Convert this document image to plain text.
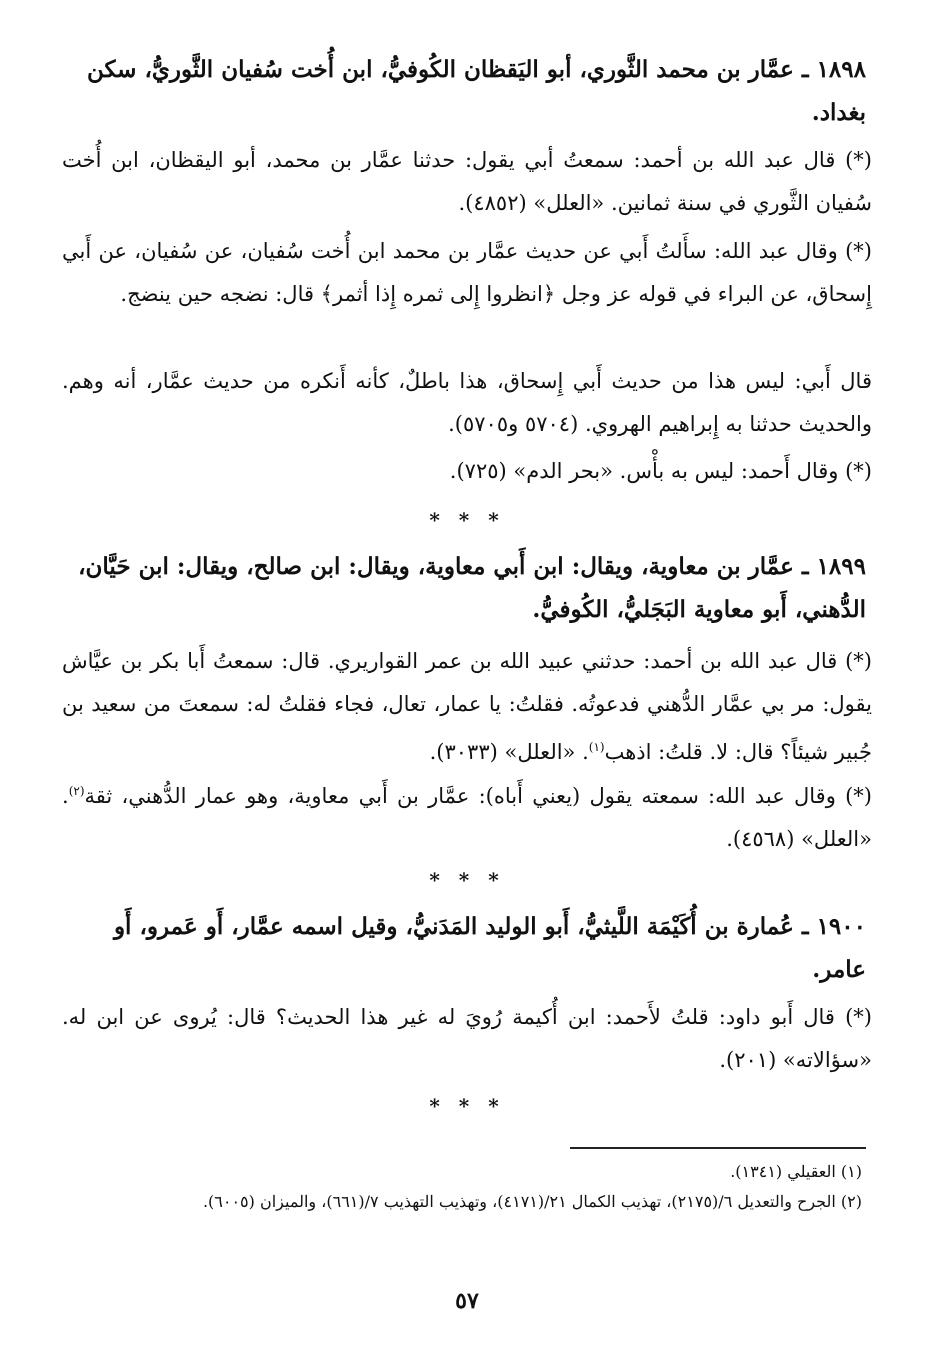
١٨٩٨ ـ عمَّار بن محمد الثَّوري، أبو اليَقظان الكُوفيُّ، ابن أُخت سُفيان الثَّوريُّ، سكن بغداد.

(*) قال عبد الله بن أحمد: سمعتُ أبي يقول: حدثنا عمَّار بن محمد، أبو اليقظان، ابن أُخت سُفيان الثَّوري في سنة ثمانين. «العلل» (٤٨٥٢).

(*) وقال عبد الله: سأَلتُ أَبي عن حديث عمَّار بن محمد ابن أُخت سُفيان، عن سُفيان، عن أَبي إِسحاق، عن البراء في قوله عز وجل ﴿انظروا إِلى ثمره إِذا أثمر﴾ قال: نضجه حين ينضج.

قال أَبي: ليس هذا من حديث أَبي إِسحاق، هذا باطلٌ، كأنه أَنكره من حديث عمَّار، أنه وهم. والحديث حدثنا به إِبراهيم الهروي. (٥٧٠٤ و٥٧٠٥).

(*) وقال أَحمد: ليس به بأْس. «بحر الدم» (٧٢٥).

* * *

١٨٩٩ ـ عمَّار بن معاوية، ويقال: ابن أَبي معاوية، ويقال: ابن صالح، ويقال: ابن حَيَّان، الدُّهني، أَبو معاوية البَجَليُّ، الكُوفيُّ.

(*) قال عبد الله بن أحمد: حدثني عبيد الله بن عمر القواريري. قال: سمعتُ أَبا بكر بن عيَّاش يقول: مر بي عمَّار الدُّهني فدعوتُه. فقلتُ: يا عمار، تعال، فجاء فقلتُ له: سمعتَ من سعيد بن جُبير شيئاً؟ قال: لا. قلتُ: اذهب$^{(١)}$. «العلل» (٣٠٣٣).

(*) وقال عبد الله: سمعته يقول (يعني أَباه): عمَّار بن أَبي معاوية، وهو عمار الدُّهني، ثقة$^{(٢)}$. «العلل» (٤٥٦٨).

* * *

١٩٠٠ ـ عُمارة بن أُكَيْمَة اللَّيثيُّ، أَبو الوليد المَدَنيُّ، وقيل اسمه عمَّار، أَو عَمرو، أَو عامر.

(*) قال أَبو داود: قلتُ لأَحمد: ابن أُكيمة رُويَ له غير هذا الحديث؟ قال: يُروى عن ابن له. «سؤالاته» (٢٠١).

* * *

(١) العقيلي (١٣٤١).

(٢) الجرح والتعديل ٦/(٢١٧٥)، تهذيب الكمال ٢١/(٤١٧١)، وتهذيب التهذيب ٧/(٦٦١)، والميزان (٦٠٠٥).

٥٧
